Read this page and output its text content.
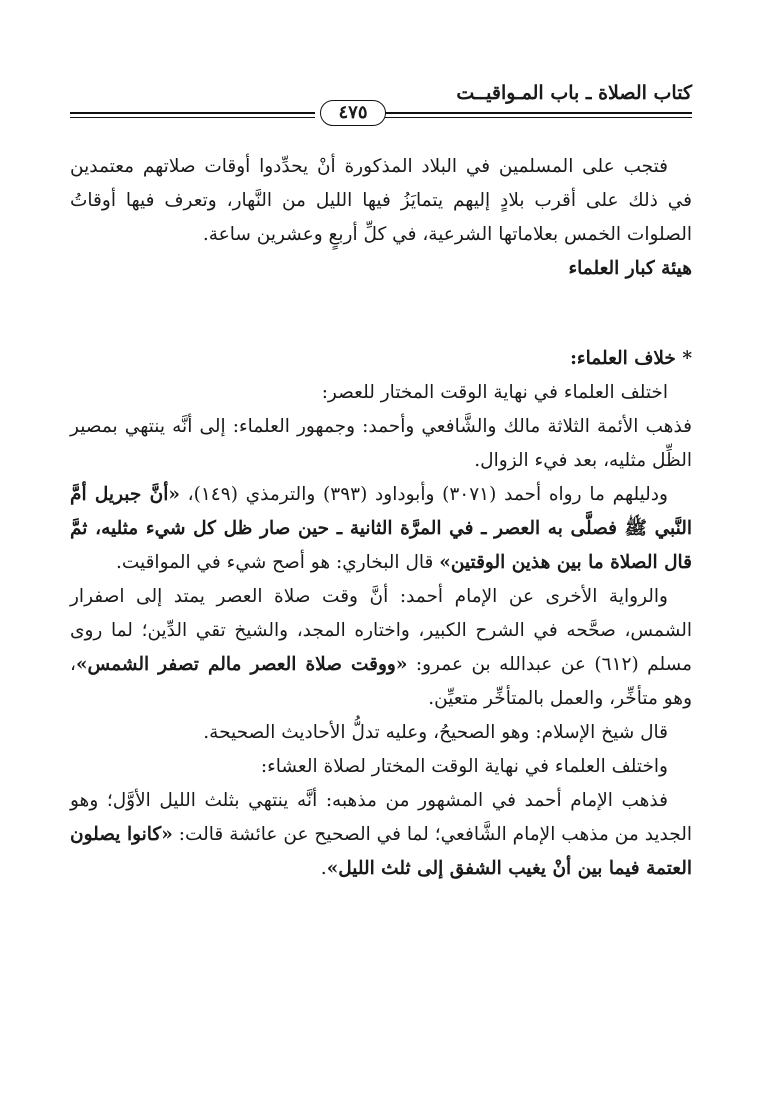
كتاب الصلاة ـ باب المـواقيــت
٤٧٥

فتجب على المسلمين في البلاد المذكورة أنْ يحدِّدوا أوقات صلاتهم معتمدين في ذلك على أقرب بلادٍ إليهم يتمايَزُ فيها الليل من النَّهار، وتعرف فيها أوقاتُ الصلوات الخمس بعلاماتها الشرعية، في كلِّ أربعٍ وعشرين ساعة.

هيئة كبار العلماء

* خلاف العلماء:

اختلف العلماء في نهاية الوقت المختار للعصر:

فذهب الأئمة الثلاثة مالك والشَّافعي وأحمد: وجمهور العلماء: إلى أنَّه ينتهي بمصير الظِّل مثليه، بعد فيء الزوال.

ودليلهم ما رواه أحمد (٣٠٧١) وأبوداود (٣٩٣) والترمذي (١٤٩)، «أنَّ جبريل أمَّ النَّبي ﷺ فصلَّى به العصر ـ في المرَّة الثانية ـ حين صار ظل كل شيء مثليه، ثمَّ قال الصلاة ما بين هذين الوقتين» قال البخاري: هو أصح شيء في المواقيت.

والرواية الأخرى عن الإمام أحمد: أنَّ وقت صلاة العصر يمتد إلى اصفرار الشمس، صحَّحه في الشرح الكبير، واختاره المجد، والشيخ تقي الدِّين؛ لما روى مسلم (٦١٢) عن عبدالله بن عمرو: «ووقت صلاة العصر مالم تصفر الشمس»، وهو متأخِّر، والعمل بالمتأخِّر متعيِّن.

قال شيخ الإسلام: وهو الصحيحُ، وعليه تدلُّ الأحاديث الصحيحة.

واختلف العلماء في نهاية الوقت المختار لصلاة العشاء:

فذهب الإمام أحمد في المشهور من مذهبه: أنَّه ينتهي بثلث الليل الأوَّل؛ وهو الجديد من مذهب الإمام الشَّافعي؛ لما في الصحيح عن عائشة قالت: «كانوا يصلون العتمة فيما بين أنْ يغيب الشفق إلى ثلث الليل».
